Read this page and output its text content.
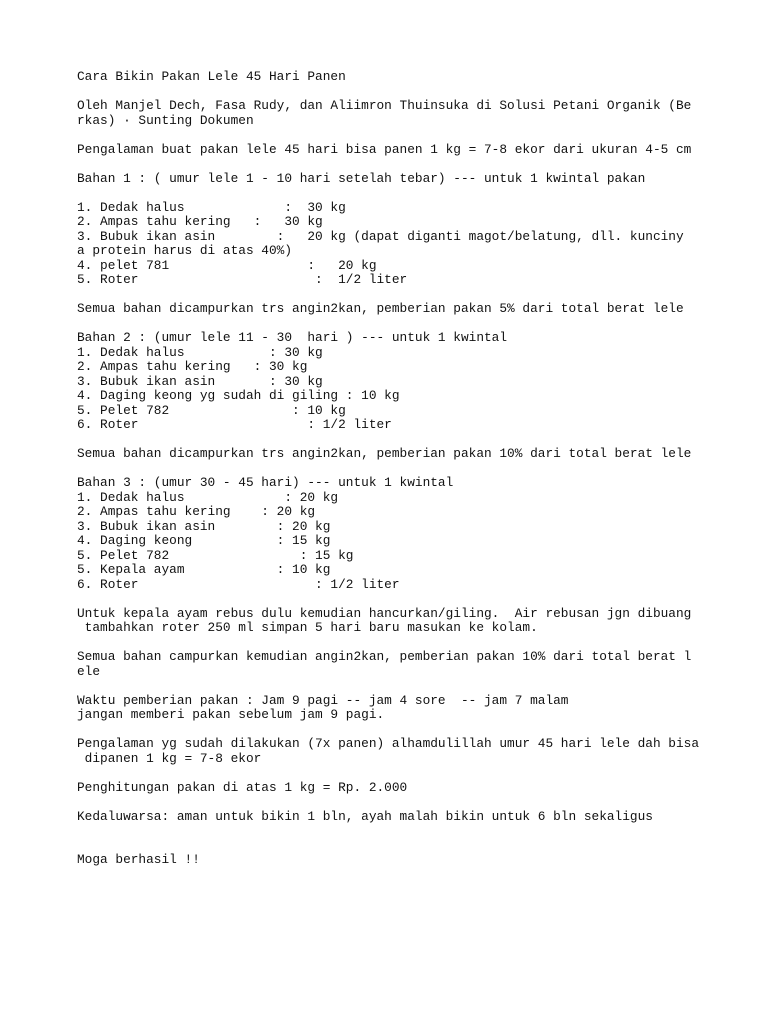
Cara Bikin Pakan Lele 45 Hari Panen
Oleh Manjel Dech, Fasa Rudy, dan Aliimron Thuinsuka di Solusi Petani Organik (Be
rkas) · Sunting Dokumen
Pengalaman buat pakan lele 45 hari bisa panen 1 kg = 7-8 ekor dari ukuran 4-5 cm
Bahan 1 : ( umur lele 1 - 10 hari setelah tebar) --- untuk 1 kwintal pakan
1. Dedak halus             :  30 kg
2. Ampas tahu kering   :   30 kg
3. Bubuk ikan asin        :   20 kg (dapat diganti magot/belatung, dll. kunciny
a protein harus di atas 40%)
4. pelet 781                  :   20 kg
5. Roter                       :  1/2 liter
Semua bahan dicampurkan trs angin2kan, pemberian pakan 5% dari total berat lele
Bahan 2 : (umur lele 11 - 30  hari ) --- untuk 1 kwintal
1. Dedak halus           : 30 kg
2. Ampas tahu kering   : 30 kg
3. Bubuk ikan asin       : 30 kg
4. Daging keong yg sudah di giling : 10 kg
5. Pelet 782                : 10 kg
6. Roter                      : 1/2 liter
Semua bahan dicampurkan trs angin2kan, pemberian pakan 10% dari total berat lele
Bahan 3 : (umur 30 - 45 hari) --- untuk 1 kwintal
1. Dedak halus             : 20 kg
2. Ampas tahu kering    : 20 kg
3. Bubuk ikan asin        : 20 kg
4. Daging keong           : 15 kg
5. Pelet 782                 : 15 kg
5. Kepala ayam            : 10 kg
6. Roter                       : 1/2 liter
Untuk kepala ayam rebus dulu kemudian hancurkan/giling.  Air rebusan jgn dibuang
tambahkan roter 250 ml simpan 5 hari baru masukan ke kolam.
Semua bahan campurkan kemudian angin2kan, pemberian pakan 10% dari total berat l
ele
Waktu pemberian pakan : Jam 9 pagi -- jam 4 sore  -- jam 7 malam
jangan memberi pakan sebelum jam 9 pagi.
Pengalaman yg sudah dilakukan (7x panen) alhamdulillah umur 45 hari lele dah bisa
dipanen 1 kg = 7-8 ekor
Penghitungan pakan di atas 1 kg = Rp. 2.000
Kedaluwarsa: aman untuk bikin 1 bln, ayah malah bikin untuk 6 bln sekaligus
Moga berhasil !!
